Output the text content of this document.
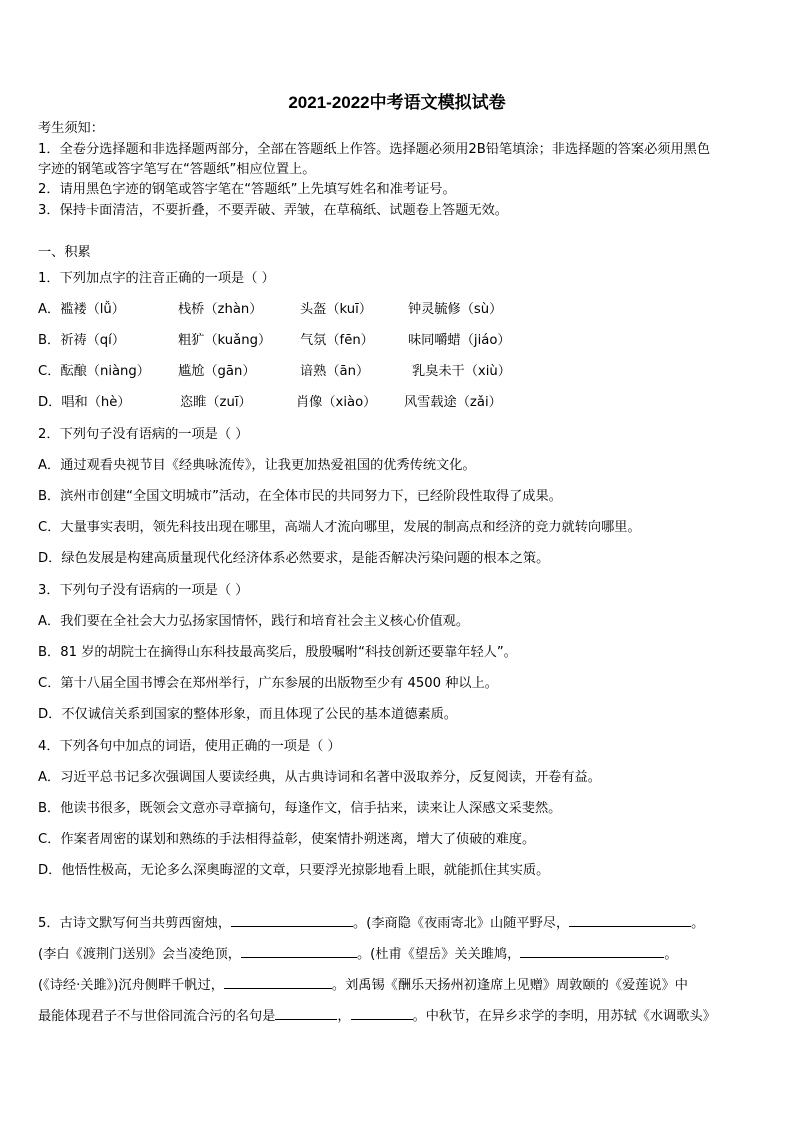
2021-2022中考语文模拟试卷
考生须知：
1．全卷分选择题和非选择题两部分，全部在答题纸上作答。选择题必须用2B铅笔填涂；非选择题的答案必须用黑色
字迹的钢笔或答字笔写在“答题纸”相应位置上。
2．请用黑色字迹的钢笔或答字笔在“答题纸”上先填写姓名和准考证号。
3．保持卡面清洁，不要折叠，不要弄破、弄皱，在草稿纸、试题卷上答题无效。
一、积累
1．下列加点字的注音正确的一项是（ ）
A．褴褛（lǚ）	栈桥（zhàn）	头盔（kuī）	钟灵毓修（sù）
B．祈祷（qí）	粗犷（kuǎng） 气氛（fēn）	味同嚼蜡（jiáo）
C．酝酿（niàng） 尴尬（gān）	谙熟（ān）	乳臭未干（xiù）
D．唱和（hè）	恣睢（zuī）	肖像（xiào） 风雪载途（zǎi）
2．下列句子没有语病的一项是（ ）
A．通过观看央视节目《经典咏流传》，让我更加热爱祖国的优秀传统文化。
B．滨州市创建“全国文明城市”活动，在全体市民的共同努力下，已经阶段性取得了成果。
C．大量事实表明，领先科技出现在哪里，高端人才流向哪里，发展的制高点和经济的竞力就转向哪里。
D．绿色发展是构建高质量现代化经济体系必然要求，是能否解决污染问题的根本之策。
3．下列句子没有语病的一项是（ ）
A．我们要在全社会大力弘扬家国情怀，践行和培育社会主义核心价值观。
B．81 岁的胡院士在摘得山东科技最高奖后，殷殷嘱咐“科技创新还要靠年轻人”。
C．第十八届全国书博会在郑州举行，广东参展的出版物至少有 4500 种以上。
D．不仅诚信关系到国家的整体形象，而且体现了公民的基本道德素质。
4．下列各句中加点的词语，使用正确的一项是（ ）
A．习近平总书记多次强调国人要读经典，从古典诗词和名著中汲取养分，反复阅读，开卷有益。
B．他读书很多，既领会文意亦寻章摘句，每逢作文，信手拈来，读来让人深感文采斐然。
C．作案者周密的谋划和熟练的手法相得益彰，使案情扑朔迷离，增大了侦破的难度。
D．他悟性极高，无论多么深奥晦涩的文章，只要浮光掠影地看上眼，就能抓住其实质。
5．古诗文默写何当共剪西窗烛，	。(李商隐《夜雨寄北》山随平野尽，	。
(李白《渡荆门送别》会当凌绝顶，	。(杜甫《望岳》关关雎鸠，	。
(《诗经·关雎》)沉舟侧畔千帆过，	。刘禹锡《酬乐天扬州初逢席上见赠》周敦颐的《爱莲说》中
最能体现君子不与世俗同流合污的名句是	，	。中秋节，在异乡求学的李明，用苏轼《水调歌头》
